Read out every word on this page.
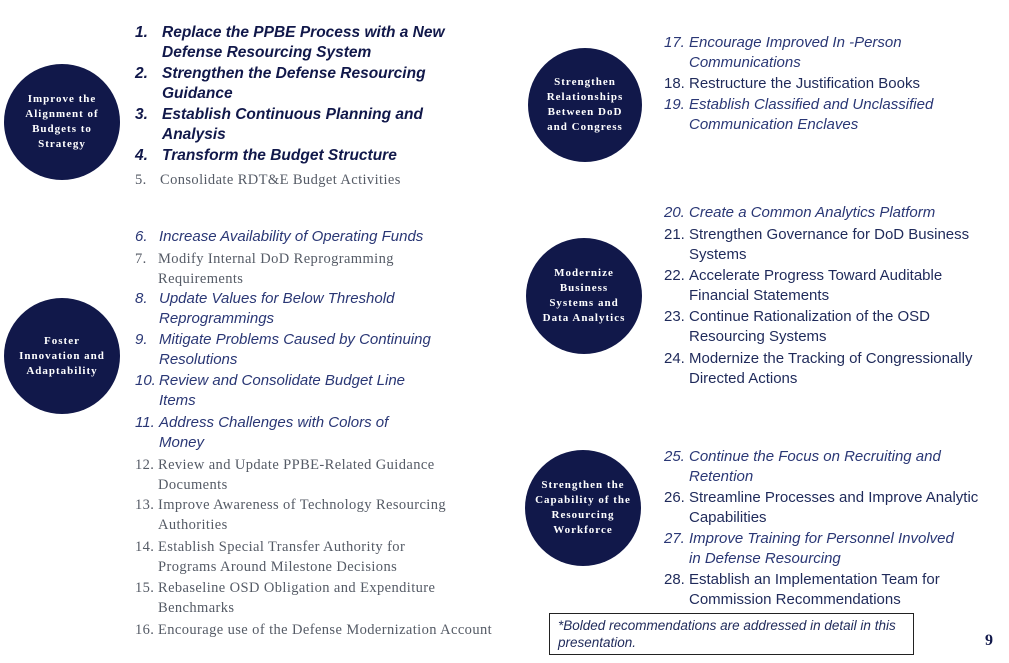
Improve the
Alignment of
Budgets to
Strategy
Foster
Innovation and
Adaptability
Strengthen
Relationships
Between DoD
and Congress
Modernize
Business
Systems and
Data Analytics
Strengthen the
Capability of the
Resourcing
Workforce
1. Replace the PPBE Process with a New Defense Resourcing System
2. Strengthen the Defense Resourcing Guidance
3. Establish Continuous Planning and Analysis
4. Transform the Budget Structure
5. Consolidate RDT&E Budget Activities
6. Increase Availability of Operating Funds
7. Modify Internal DoD Reprogramming Requirements
8. Update Values for Below Threshold Reprogrammings
9. Mitigate Problems Caused by Continuing Resolutions
10. Review and Consolidate Budget Line Items
11. Address Challenges with Colors of Money
12. Review and Update PPBE-Related Guidance Documents
13. Improve Awareness of Technology Resourcing Authorities
14. Establish Special Transfer Authority for Programs Around Milestone Decisions
15. Rebaseline OSD Obligation and Expenditure Benchmarks
16. Encourage use of the Defense Modernization Account
17. Encourage Improved In -Person Communications
18. Restructure the Justification Books
19. Establish Classified and Unclassified Communication Enclaves
20. Create a Common Analytics Platform
21. Strengthen Governance for DoD Business Systems
22. Accelerate Progress Toward Auditable Financial Statements
23. Continue Rationalization of the OSD Resourcing Systems
24. Modernize the Tracking of Congressionally Directed Actions
25. Continue the Focus on Recruiting and Retention
26. Streamline Processes and Improve Analytic Capabilities
27. Improve Training for Personnel Involved in Defense Resourcing
28. Establish an Implementation Team for Commission Recommendations
*Bolded recommendations are addressed in detail in this presentation.	9
